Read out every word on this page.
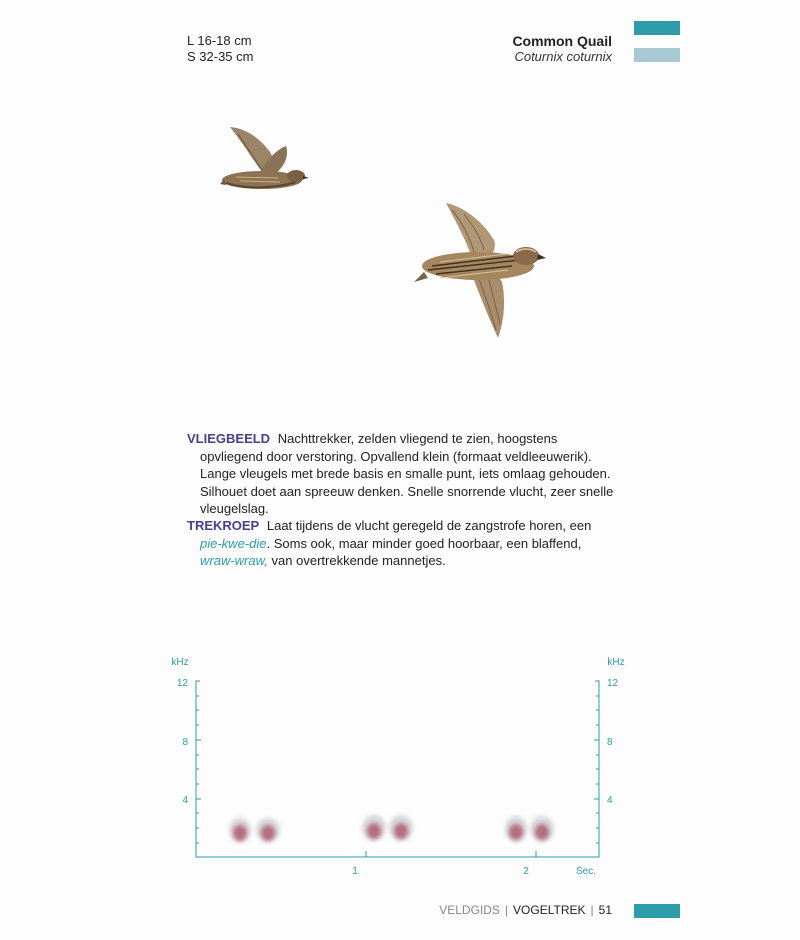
L 16-18 cm
S 32-35 cm
Common Quail
Coturnix coturnix

VLIEGBEELD Nachttrekker, zelden vliegend te zien, hoogstens opvliegend door verstoring. Opvallend klein (formaat veldleeuwerik). Lange vleugels met brede basis en smalle punt, iets omlaag gehouden. Silhouet doet aan spreeuw denken. Snelle snorrende vlucht, zeer snelle vleugelslag.

TREKROEP Laat tijdens de vlucht geregeld de zangstrofe horen, een pie-kwe-die. Soms ook, maar minder goed hoorbaar, een blaffend, wraw-wraw, van overtrekkende mannetjes.

kHz	kHz
12
8
4
12
8
4
1	2	Sec.
VELDGIDS | VOGELTREK | 51
